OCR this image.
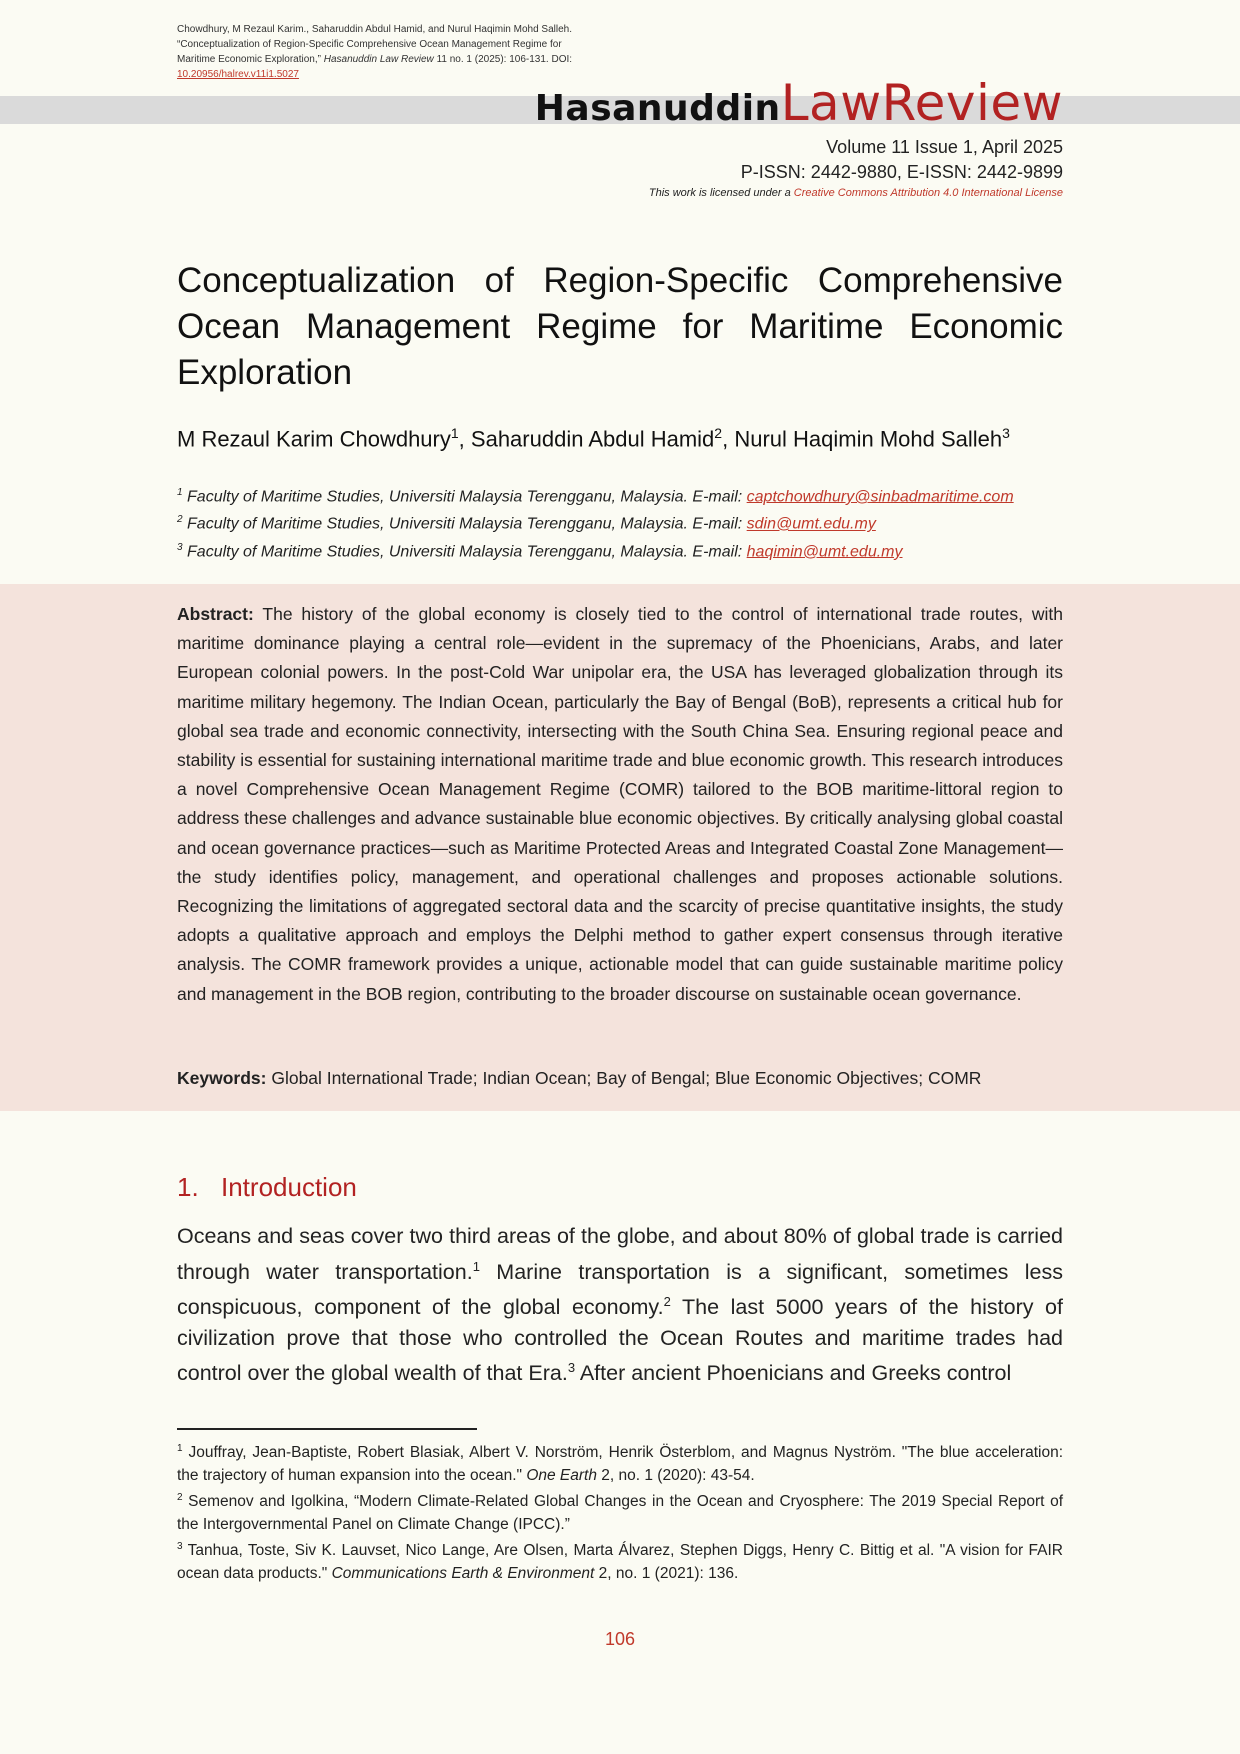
Chowdhury, M Rezaul Karim., Saharuddin Abdul Hamid, and Nurul Haqimin Mohd Salleh. “Conceptualization of Region-Specific Comprehensive Ocean Management Regime for Maritime Economic Exploration,” Hasanuddin Law Review 11 no. 1 (2025): 106-131. DOI: 10.20956/halrev.v11i1.5027
HasanuddinLawReview
Volume 11 Issue 1, April 2025
P-ISSN: 2442-9880, E-ISSN: 2442-9899
This work is licensed under a Creative Commons Attribution 4.0 International License
Conceptualization of Region-Specific Comprehensive Ocean Management Regime for Maritime Economic Exploration
M Rezaul Karim Chowdhury$^1$, Saharuddin Abdul Hamid$^2$, Nurul Haqimin Mohd Salleh$^3$
$^1$ Faculty of Maritime Studies, Universiti Malaysia Terengganu, Malaysia. E-mail: captchowdhury@sinbadmaritime.com
$^2$ Faculty of Maritime Studies, Universiti Malaysia Terengganu, Malaysia. E-mail: sdin@umt.edu.my
$^3$ Faculty of Maritime Studies, Universiti Malaysia Terengganu, Malaysia. E-mail: haqimin@umt.edu.my

Abstract: The history of the global economy is closely tied to the control of international trade routes, with maritime dominance playing a central role—evident in the supremacy of the Phoenicians, Arabs, and later European colonial powers. In the post-Cold War unipolar era, the USA has leveraged globalization through its maritime military hegemony. The Indian Ocean, particularly the Bay of Bengal (BoB), represents a critical hub for global sea trade and economic connectivity, intersecting with the South China Sea. Ensuring regional peace and stability is essential for sustaining international maritime trade and blue economic growth. This research introduces a novel Comprehensive Ocean Management Regime (COMR) tailored to the BOB maritime-littoral region to address these challenges and advance sustainable blue economic objectives. By critically analysing global coastal and ocean governance practices—such as Maritime Protected Areas and Integrated Coastal Zone Management—the study identifies policy, management, and operational challenges and proposes actionable solutions. Recognizing the limitations of aggregated sectoral data and the scarcity of precise quantitative insights, the study adopts a qualitative approach and employs the Delphi method to gather expert consensus through iterative analysis. The COMR framework provides a unique, actionable model that can guide sustainable maritime policy and management in the BOB region, contributing to the broader discourse on sustainable ocean governance.

Keywords: Global International Trade; Indian Ocean; Bay of Bengal; Blue Economic Objectives; COMR

1. Introduction

Oceans and seas cover two third areas of the globe, and about 80% of global trade is carried through water transportation.$^1$ Marine transportation is a significant, sometimes less conspicuous, component of the global economy.$^2$ The last 5000 years of the history of civilization prove that those who controlled the Ocean Routes and maritime trades had control over the global wealth of that Era.$^3$ After ancient Phoenicians and Greeks control

$^1$ Jouffray, Jean-Baptiste, Robert Blasiak, Albert V. Norström, Henrik Österblom, and Magnus Nyström. "The blue acceleration: the trajectory of human expansion into the ocean." One Earth 2, no. 1 (2020): 43-54.

$^2$ Semenov and Igolkina, “Modern Climate-Related Global Changes in the Ocean and Cryosphere: The 2019 Special Report of the Intergovernmental Panel on Climate Change (IPCC).”

$^3$ Tanhua, Toste, Siv K. Lauvset, Nico Lange, Are Olsen, Marta Álvarez, Stephen Diggs, Henry C. Bittig et al. "A vision for FAIR ocean data products." Communications Earth & Environment 2, no. 1 (2021): 136.

106
